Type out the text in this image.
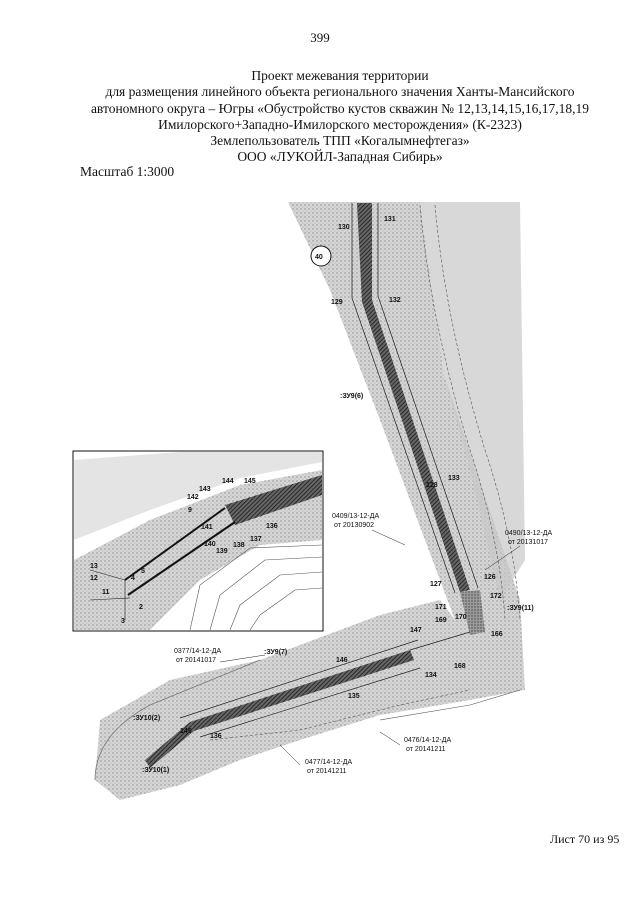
399
Проект межевания территории
для размещения линейного объекта регионального значения Ханты-Мансийского
автономного округа – Югры «Обустройство кустов скважин № 12,13,14,15,16,17,18,19
Имилорского+Западно-Имилорского месторождения» (К-2323)
Землепользователь ТПП «Когалымнефтегаз»
ООО «ЛУКОЙЛ-Западная Сибирь»
Масштаб 1:3000
40
130
131
129	132
128
133
127
126
171
172
169 170
166
147
168
134
146
135
145
136
:ЗУ9(6)
:ЗУ9(11)
:ЗУ9(7)
:ЗУ10(2)
:ЗУ10(1)
0409/13-12-ДА
от 20130902
0490/13-12-ДА
от 20131017
0377/14-12-ДА
от 20141017
0476/14-12-ДА
от 20141211
0477/14-12-ДА
от 20141211
144 145
143
142
9
141
140 138
139
137
136
13
12	4
5
11
2
3
Лист 70 из 95
